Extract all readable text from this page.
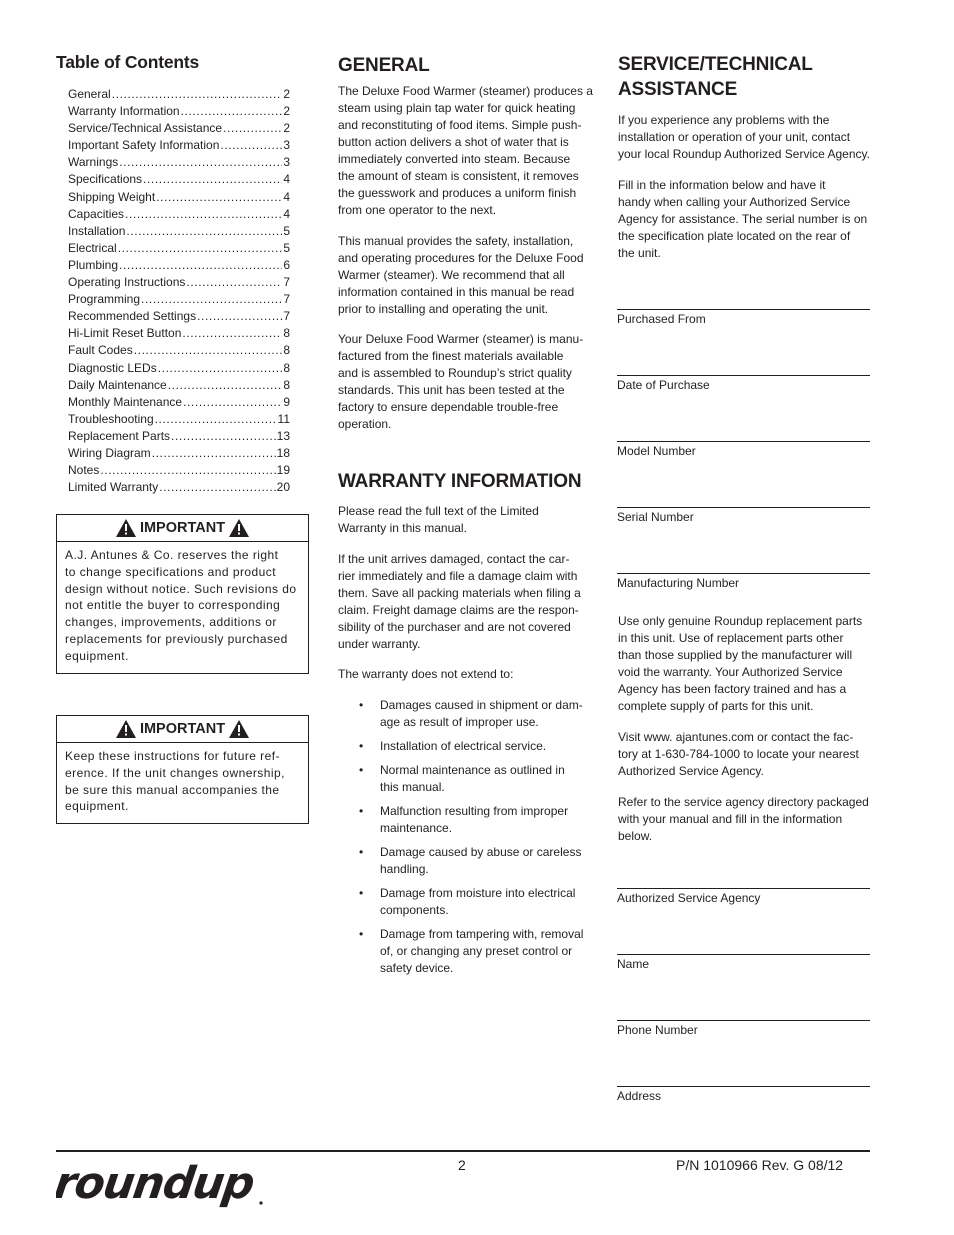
Table of Contents
General .....	2
Warranty Information .....	2
Service/Technical Assistance .....	2
Important Safety Information .....	3
Warnings .....	3
Specifications .....	4
Shipping Weight .....	4
Capacities .....	4
Installation .....	5
Electrical .....	5
Plumbing .....	6
Operating Instructions .....	7
Programming .....	7
Recommended Settings .....	7
Hi-Limit Reset Button .....	8
Fault Codes .....	8
Diagnostic LEDs .....	8
Daily Maintenance .....	8
Monthly Maintenance .....	9
Troubleshooting .....	11
Replacement Parts .....	13
Wiring Diagram .....	18
Notes .....	19
Limited Warranty .....	20
IMPORTANT
A.J. Antunes & Co. reserves the right
to change specifications and product
design without notice. Such revisions do
not entitle the buyer to corresponding
changes, improvements, additions or
replacements for previously purchased
equipment.
IMPORTANT
Keep these instructions for future ref-
erence. If the unit changes ownership,
be sure this manual accompanies the
equipment.
GENERAL
The Deluxe Food Warmer (steamer) produces a
steam using plain tap water for quick heating
and reconstituting of food items. Simple push-
button action delivers a shot of water that is
immediately converted into steam. Because
the amount of steam is consistent, it removes
the guesswork and produces a uniform finish
from one operator to the next.
This manual provides the safety, installation,
and operating procedures for the Deluxe Food
Warmer (steamer). We recommend that all
information contained in this manual be read
prior to installing and operating the unit.
Your Deluxe Food Warmer (steamer) is manu-
factured from the finest materials available
and is assembled to Roundup’s strict quality
standards. This unit has been tested at the
factory to ensure dependable trouble-free
operation.
WARRANTY INFORMATION
Please read the full text of the Limited
Warranty in this manual.
If the unit arrives damaged, contact the car-
rier immediately and file a damage claim with
them. Save all packing materials when filing a
claim. Freight damage claims are the respon-
sibility of the purchaser and are not covered
under warranty.
The warranty does not extend to:
• Damages caused in shipment or dam-
age as result of improper use.
• Installation of electrical service.
• Normal maintenance as outlined in
this manual.
• Malfunction resulting from improper
maintenance.
• Damage caused by abuse or careless
handling.
• Damage from moisture into electrical
components.
• Damage from tampering with, removal
of, or changing any preset control or
safety device.
SERVICE/TECHNICAL
ASSISTANCE
If you experience any problems with the
installation or operation of your unit, contact
your local Roundup Authorized Service Agency.
Fill in the information below and have it
handy when calling your Authorized Service
Agency for assistance. The serial number is on
the specification plate located on the rear of
the unit.
Purchased From
Date of Purchase
Model Number
Serial Number
Manufacturing Number
Use only genuine Roundup replacement parts
in this unit. Use of replacement parts other
than those supplied by the manufacturer will
void the warranty. Your Authorized Service
Agency has been factory trained and has a
complete supply of parts for this unit.
Visit www. ajantunes.com or contact the fac-
tory at 1-630-784-1000 to locate your nearest
Authorized Service Agency.
Refer to the service agency directory packaged
with your manual and fill in the information
below.
Authorized Service Agency
Name
Phone Number
Address
roundup	2	P/N 1010966 Rev. G 08/12
